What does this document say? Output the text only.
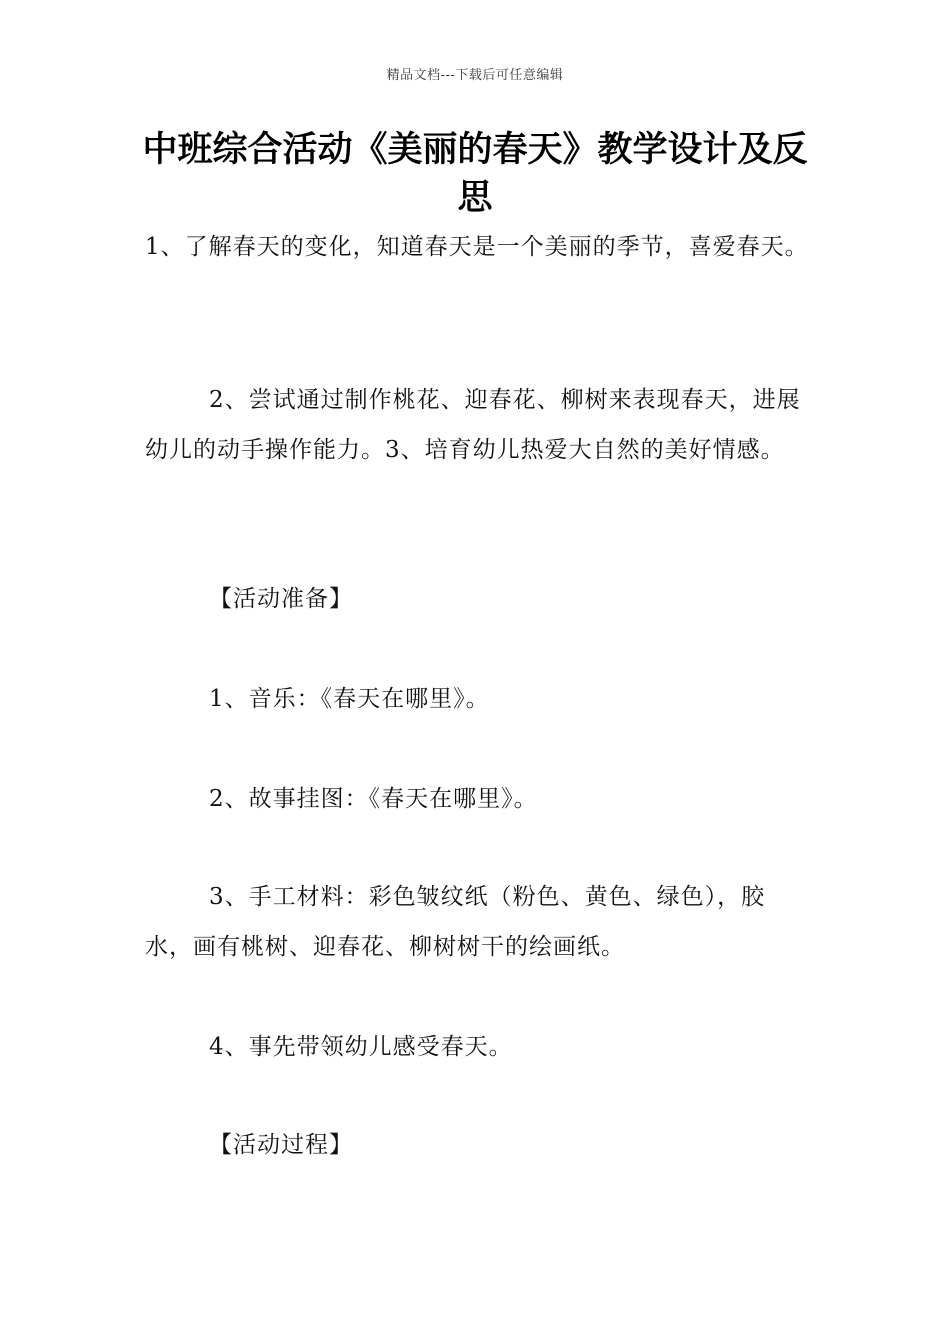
精品文档---下载后可任意编辑
中班综合活动《美丽的春天》教学设计及反思

1、了解春天的变化，知道春天是一个美丽的季节，喜爱春天。

2、尝试通过制作桃花、迎春花、柳树来表现春天，进展幼儿的动手操作能力。3、培育幼儿热爱大自然的美好情感。

【活动准备】

1、音乐：《春天在哪里》。

2、故事挂图：《春天在哪里》。

3、手工材料：彩色皱纹纸（粉色、黄色、绿色），胶水，画有桃树、迎春花、柳树树干的绘画纸。

4、事先带领幼儿感受春天。

【活动过程】
